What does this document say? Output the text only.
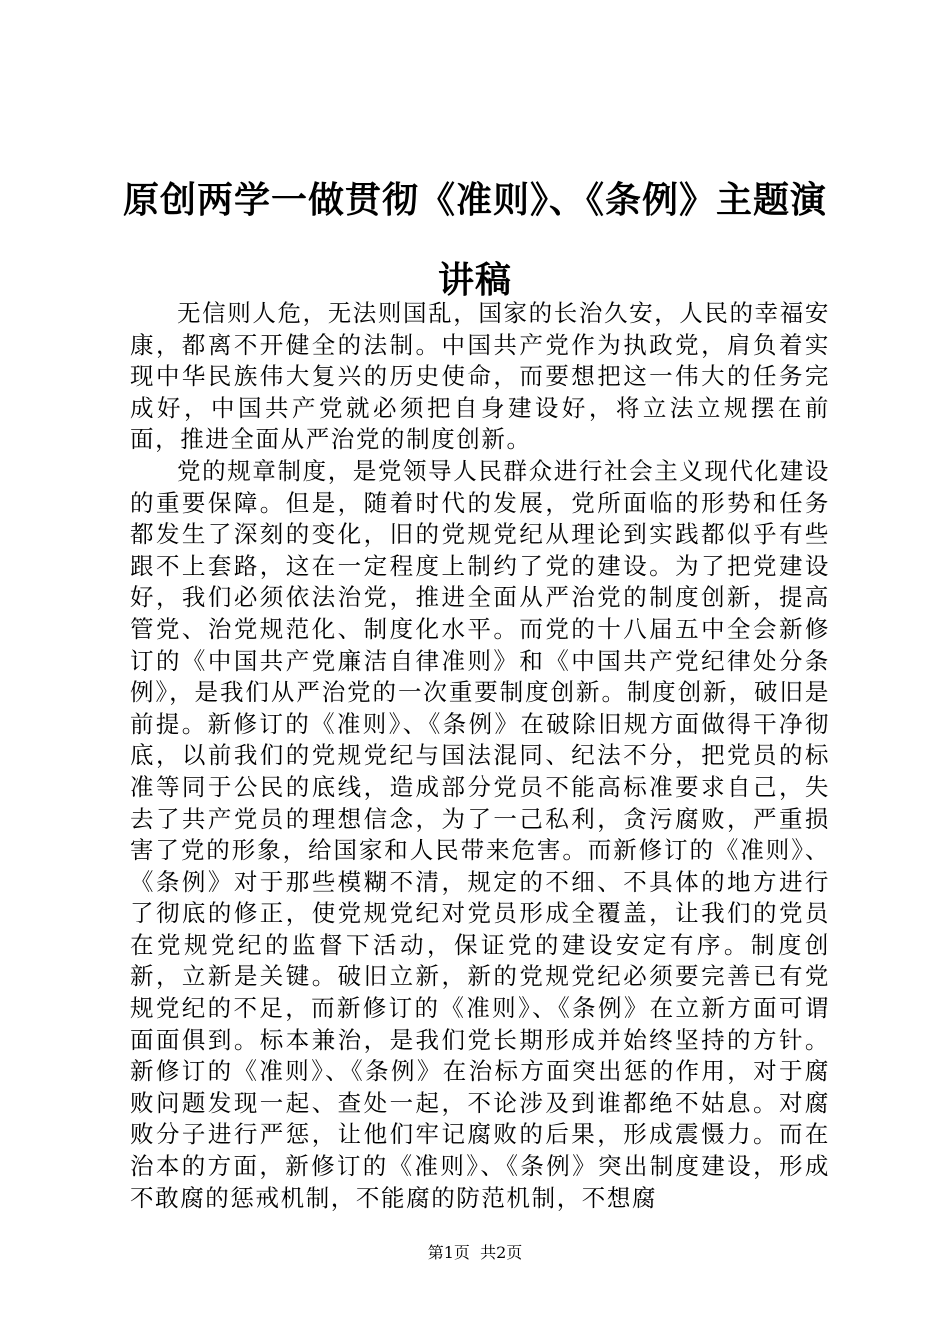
原创两学一做贯彻《准则》、《条例》主题演讲稿

无信则人危，无法则国乱，国家的长治久安，人民的幸福安康，都离不开健全的法制。中国共产党作为执政党，肩负着实现中华民族伟大复兴的历史使命，而要想把这一伟大的任务完成好，中国共产党就必须把自身建设好，将立法立规摆在前面，推进全面从严治党的制度创新。

党的规章制度，是党领导人民群众进行社会主义现代化建设的重要保障。但是，随着时代的发展，党所面临的形势和任务都发生了深刻的变化，旧的党规党纪从理论到实践都似乎有些跟不上套路，这在一定程度上制约了党的建设。为了把党建设好，我们必须依法治党，推进全面从严治党的制度创新，提高管党、治党规范化、制度化水平。而党的十八届五中全会新修订的《中国共产党廉洁自律准则》和《中国共产党纪律处分条例》，是我们从严治党的一次重要制度创新。制度创新，破旧是前提。新修订的《准则》、《条例》在破除旧规方面做得干净彻底，以前我们的党规党纪与国法混同、纪法不分，把党员的标准等同于公民的底线，造成部分党员不能高标准要求自己，失去了共产党员的理想信念，为了一己私利，贪污腐败，严重损害了党的形象，给国家和人民带来危害。而新修订的《准则》、《条例》对于那些模糊不清，规定的不细、不具体的地方进行了彻底的修正，使党规党纪对党员形成全覆盖，让我们的党员在党规党纪的监督下活动，保证党的建设安定有序。制度创新，立新是关键。破旧立新，新的党规党纪必须要完善已有党规党纪的不足，而新修订的《准则》、《条例》在立新方面可谓面面俱到。标本兼治，是我们党长期形成并始终坚持的方针。新修订的《准则》、《条例》在治标方面突出惩的作用，对于腐败问题发现一起、查处一起，不论涉及到谁都绝不姑息。对腐败分子进行严惩，让他们牢记腐败的后果，形成震慑力。而在治本的方面，新修订的《准则》、《条例》突出制度建设，形成不敢腐的惩戒机制，不能腐的防范机制，不想腐

第1页  共2页
